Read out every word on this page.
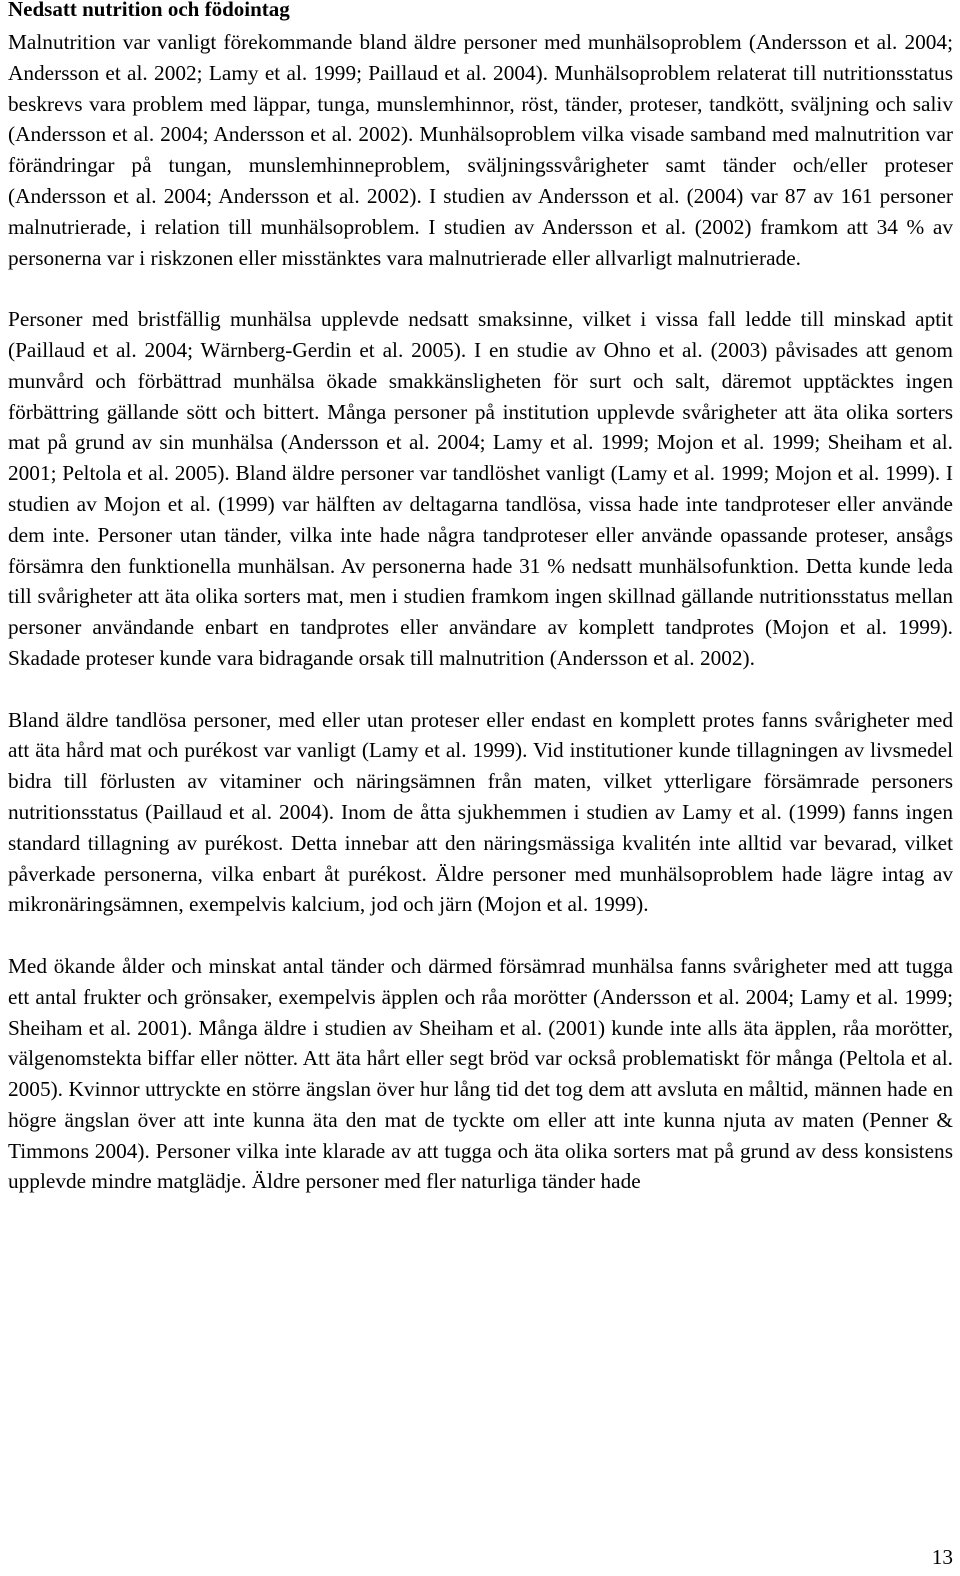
Nedsatt nutrition och födointag

Malnutrition var vanligt förekommande bland äldre personer med munhälsoproblem (Andersson et al. 2004; Andersson et al. 2002; Lamy et al. 1999; Paillaud et al. 2004). Munhälsoproblem relaterat till nutritionsstatus beskrevs vara problem med läppar, tunga, munslemhinnor, röst, tänder, proteser, tandkött, sväljning och saliv (Andersson et al. 2004; Andersson et al. 2002). Munhälsoproblem vilka visade samband med malnutrition var förändringar på tungan, munslemhinneproblem, sväljningssvårigheter samt tänder och/eller proteser (Andersson et al. 2004; Andersson et al. 2002). I studien av Andersson et al. (2004) var 87 av 161 personer malnutrierade, i relation till munhälsoproblem. I studien av Andersson et al. (2002) framkom att 34 % av personerna var i riskzonen eller misstänktes vara malnutrierade eller allvarligt malnutrierade.

Personer med bristfällig munhälsa upplevde nedsatt smaksinne, vilket i vissa fall ledde till minskad aptit (Paillaud et al. 2004; Wärnberg-Gerdin et al. 2005). I en studie av Ohno et al. (2003) påvisades att genom munvård och förbättrad munhälsa ökade smakkänsligheten för surt och salt, däremot upptäcktes ingen förbättring gällande sött och bittert. Många personer på institution upplevde svårigheter att äta olika sorters mat på grund av sin munhälsa (Andersson et al. 2004; Lamy et al. 1999; Mojon et al. 1999; Sheiham et al. 2001; Peltola et al. 2005). Bland äldre personer var tandlöshet vanligt (Lamy et al. 1999; Mojon et al. 1999). I studien av Mojon et al. (1999) var hälften av deltagarna tandlösa, vissa hade inte tandproteser eller använde dem inte. Personer utan tänder, vilka inte hade några tandproteser eller använde opassande proteser, ansågs försämra den funktionella munhälsan. Av personerna hade 31 % nedsatt munhälsofunktion. Detta kunde leda till svårigheter att äta olika sorters mat, men i studien framkom ingen skillnad gällande nutritionsstatus mellan personer användande enbart en tandprotes eller användare av komplett tandprotes (Mojon et al. 1999). Skadade proteser kunde vara bidragande orsak till malnutrition (Andersson et al. 2002).

Bland äldre tandlösa personer, med eller utan proteser eller endast en komplett protes fanns svårigheter med att äta hård mat och purékost var vanligt (Lamy et al. 1999). Vid institutioner kunde tillagningen av livsmedel bidra till förlusten av vitaminer och näringsämnen från maten, vilket ytterligare försämrade personers nutritionsstatus (Paillaud et al. 2004). Inom de åtta sjukhemmen i studien av Lamy et al. (1999) fanns ingen standard tillagning av purékost. Detta innebar att den näringsmässiga kvalitén inte alltid var bevarad, vilket påverkade personerna, vilka enbart åt purékost. Äldre personer med munhälsoproblem hade lägre intag av mikronäringsämnen, exempelvis kalcium, jod och järn (Mojon et al. 1999).

Med ökande ålder och minskat antal tänder och därmed försämrad munhälsa fanns svårigheter med att tugga ett antal frukter och grönsaker, exempelvis äpplen och råa morötter (Andersson et al. 2004; Lamy et al. 1999; Sheiham et al. 2001). Många äldre i studien av Sheiham et al. (2001) kunde inte alls äta äpplen, råa morötter, välgenomstekta biffar eller nötter. Att äta hårt eller segt bröd var också problematiskt för många (Peltola et al. 2005). Kvinnor uttryckte en större ängslan över hur lång tid det tog dem att avsluta en måltid, männen hade en högre ängslan över att inte kunna äta den mat de tyckte om eller att inte kunna njuta av maten (Penner & Timmons 2004). Personer vilka inte klarade av att tugga och äta olika sorters mat på grund av dess konsistens upplevde mindre matglädje. Äldre personer med fler naturliga tänder hade

13
